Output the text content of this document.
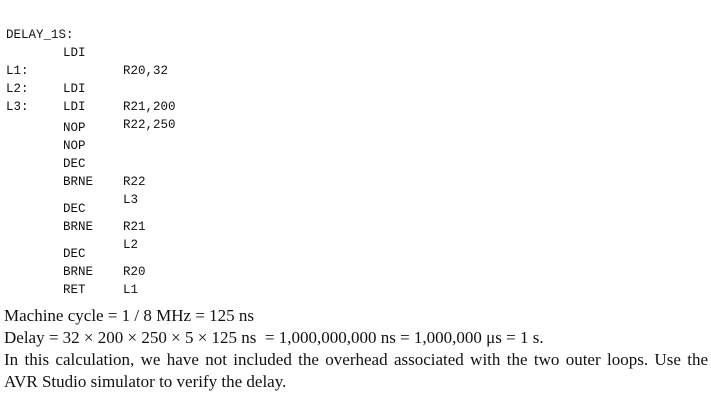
DELAY_1S:

LDI

R20,32

L1:

LDI

R21,200

L2:

LDI

R22,250

L3:

NOP

NOP

DEC

R22

BRNE

L3

DEC

R21

BRNE

L2

DEC

R20

BRNE

L1

RET

Machine cycle = 1 / 8 MHz = 125 ns

Delay = 32 × 200 × 250 × 5 × 125 ns  = 1,000,000,000 ns = 1,000,000 μs = 1 s.

In this calculation, we have not included the overhead associated with the two outer loops. Use the AVR Studio simulator to verify the delay.
